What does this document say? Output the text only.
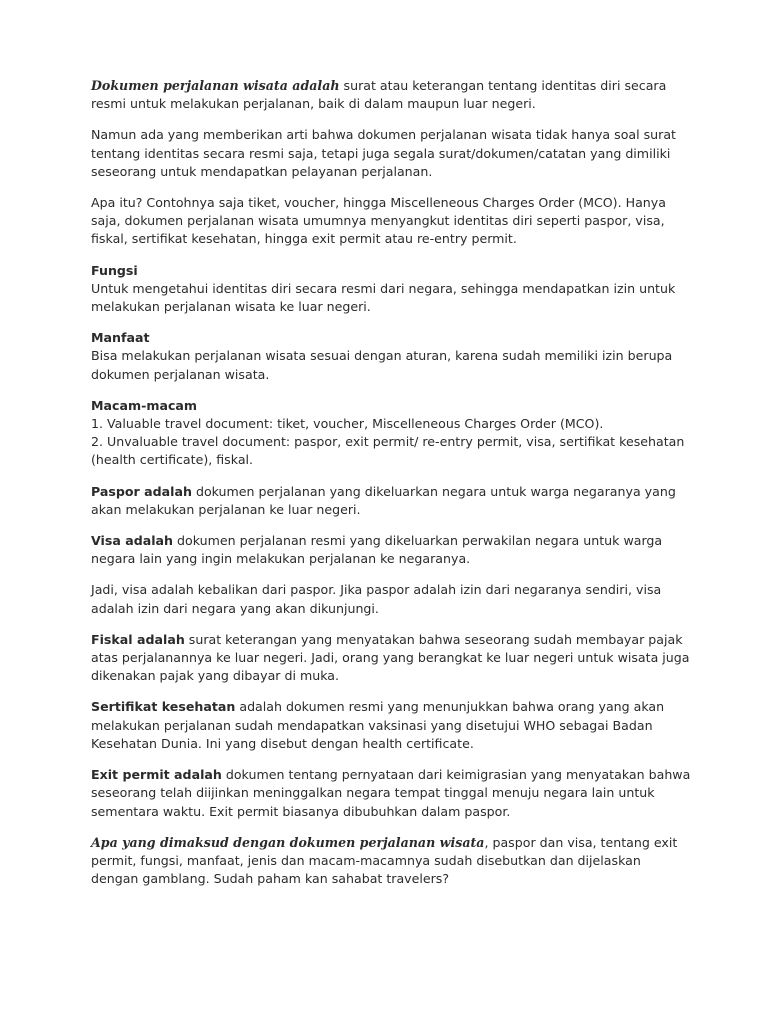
Dokumen perjalanan wisata adalah surat atau keterangan tentang identitas diri secara resmi untuk melakukan perjalanan, baik di dalam maupun luar negeri.

Namun ada yang memberikan arti bahwa dokumen perjalanan wisata tidak hanya soal surat tentang identitas secara resmi saja, tetapi juga segala surat/dokumen/catatan yang dimiliki seseorang untuk mendapatkan pelayanan perjalanan.

Apa itu? Contohnya saja tiket, voucher, hingga Miscelleneous Charges Order (MCO). Hanya saja, dokumen perjalanan wisata umumnya menyangkut identitas diri seperti paspor, visa, fiskal, sertifikat kesehatan, hingga exit permit atau re-entry permit.

Fungsi

Untuk mengetahui identitas diri secara resmi dari negara, sehingga mendapatkan izin untuk melakukan perjalanan wisata ke luar negeri.

Manfaat

Bisa melakukan perjalanan wisata sesuai dengan aturan, karena sudah memiliki izin berupa dokumen perjalanan wisata.

Macam-macam

1. Valuable travel document: tiket, voucher, Miscelleneous Charges Order (MCO).

2. Unvaluable travel document: paspor, exit permit/ re-entry permit, visa, sertifikat kesehatan (health certificate), fiskal.

Paspor adalah dokumen perjalanan yang dikeluarkan negara untuk warga negaranya yang akan melakukan perjalanan ke luar negeri.

Visa adalah dokumen perjalanan resmi yang dikeluarkan perwakilan negara untuk warga negara lain yang ingin melakukan perjalanan ke negaranya.

Jadi, visa adalah kebalikan dari paspor. Jika paspor adalah izin dari negaranya sendiri, visa adalah izin dari negara yang akan dikunjungi.

Fiskal adalah surat keterangan yang menyatakan bahwa seseorang sudah membayar pajak atas perjalanannya ke luar negeri. Jadi, orang yang berangkat ke luar negeri untuk wisata juga dikenakan pajak yang dibayar di muka.

Sertifikat kesehatan adalah dokumen resmi yang menunjukkan bahwa orang yang akan melakukan perjalanan sudah mendapatkan vaksinasi yang disetujui WHO sebagai Badan Kesehatan Dunia. Ini yang disebut dengan health certificate.

Exit permit adalah dokumen tentang pernyataan dari keimigrasian yang menyatakan bahwa seseorang telah diijinkan meninggalkan negara tempat tinggal menuju negara lain untuk sementara waktu. Exit permit biasanya dibubuhkan dalam paspor.

Apa yang dimaksud dengan dokumen perjalanan wisata, paspor dan visa, tentang exit permit, fungsi, manfaat, jenis dan macam-macamnya sudah disebutkan dan dijelaskan dengan gamblang. Sudah paham kan sahabat travelers?
